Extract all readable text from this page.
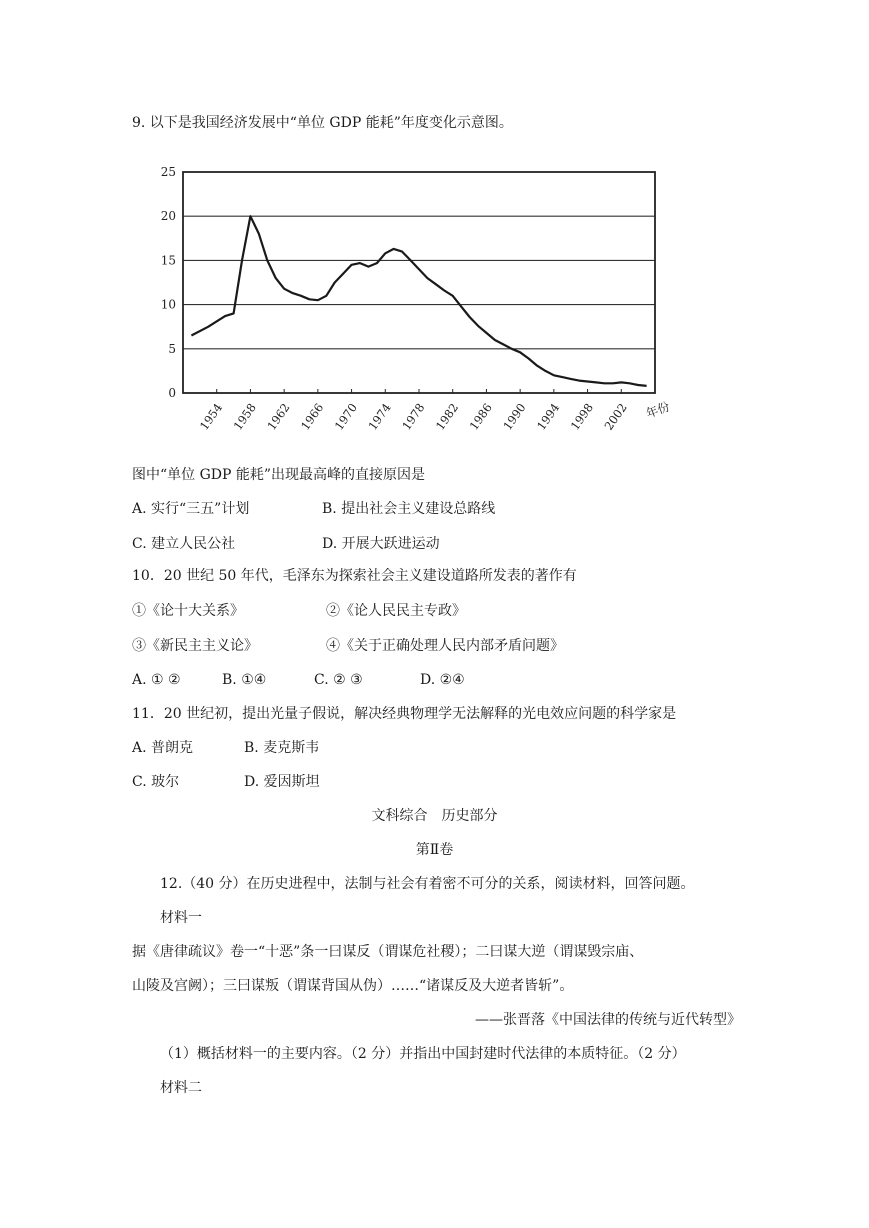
9. 以下是我国经济发展中“单位 GDP 能耗”年度变化示意图。
0
5
10
15
20
25
1954 1958 1962 1966 1970 1974 1978 1982 1986 1990 1994 1998 2002 年份
图中“单位 GDP 能耗”出现最高峰的直接原因是
A. 实行“三五”计划	B. 提出社会主义建设总路线
C. 建立人民公社	D. 开展大跃进运动
10．20 世纪 50 年代，毛泽东为探索社会主义建设道路所发表的著作有
①《论十大关系》	②《论人民民主专政》
③《新民主主义论》	④《关于正确处理人民内部矛盾问题》
A. ① ②	B. ①④	C. ② ③	D. ②④
11．20 世纪初，提出光量子假说，解决经典物理学无法解释的光电效应问题的科学家是
A. 普朗克	B. 麦克斯韦
C. 玻尔	D. 爱因斯坦
文科综合　历史部分
第Ⅱ卷
12.（40 分）在历史进程中，法制与社会有着密不可分的关系，阅读材料，回答问题。
材料一
据《唐律疏议》卷一“十恶”条一曰谋反（谓谋危社稷）；二曰谋大逆（谓谋毁宗庙、
山陵及宫阙）；三曰谋叛（谓谋背国从伪）……“诸谋反及大逆者皆斩”。
——张晋落《中国法律的传统与近代转型》
（1）概括材料一的主要内容。（2 分）并指出中国封建时代法律的本质特征。（2 分）
材料二
